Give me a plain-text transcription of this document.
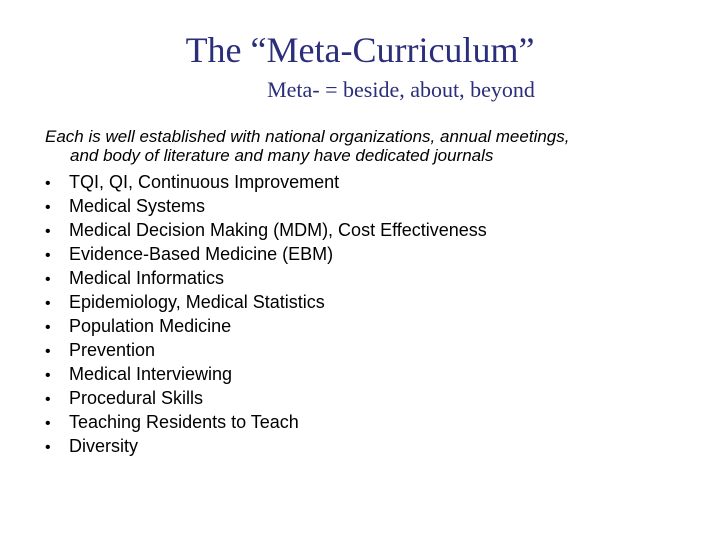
The “Meta-Curriculum”
Meta- = beside, about, beyond
Each is well established with national organizations, annual meetings,
and body of literature and many have dedicated journals
• TQI, QI, Continuous Improvement
• Medical Systems
• Medical Decision Making (MDM), Cost Effectiveness
• Evidence-Based Medicine (EBM)
• Medical Informatics
• Epidemiology, Medical Statistics
• Population Medicine
• Prevention
• Medical Interviewing
• Procedural Skills
• Teaching Residents to Teach
• Diversity
